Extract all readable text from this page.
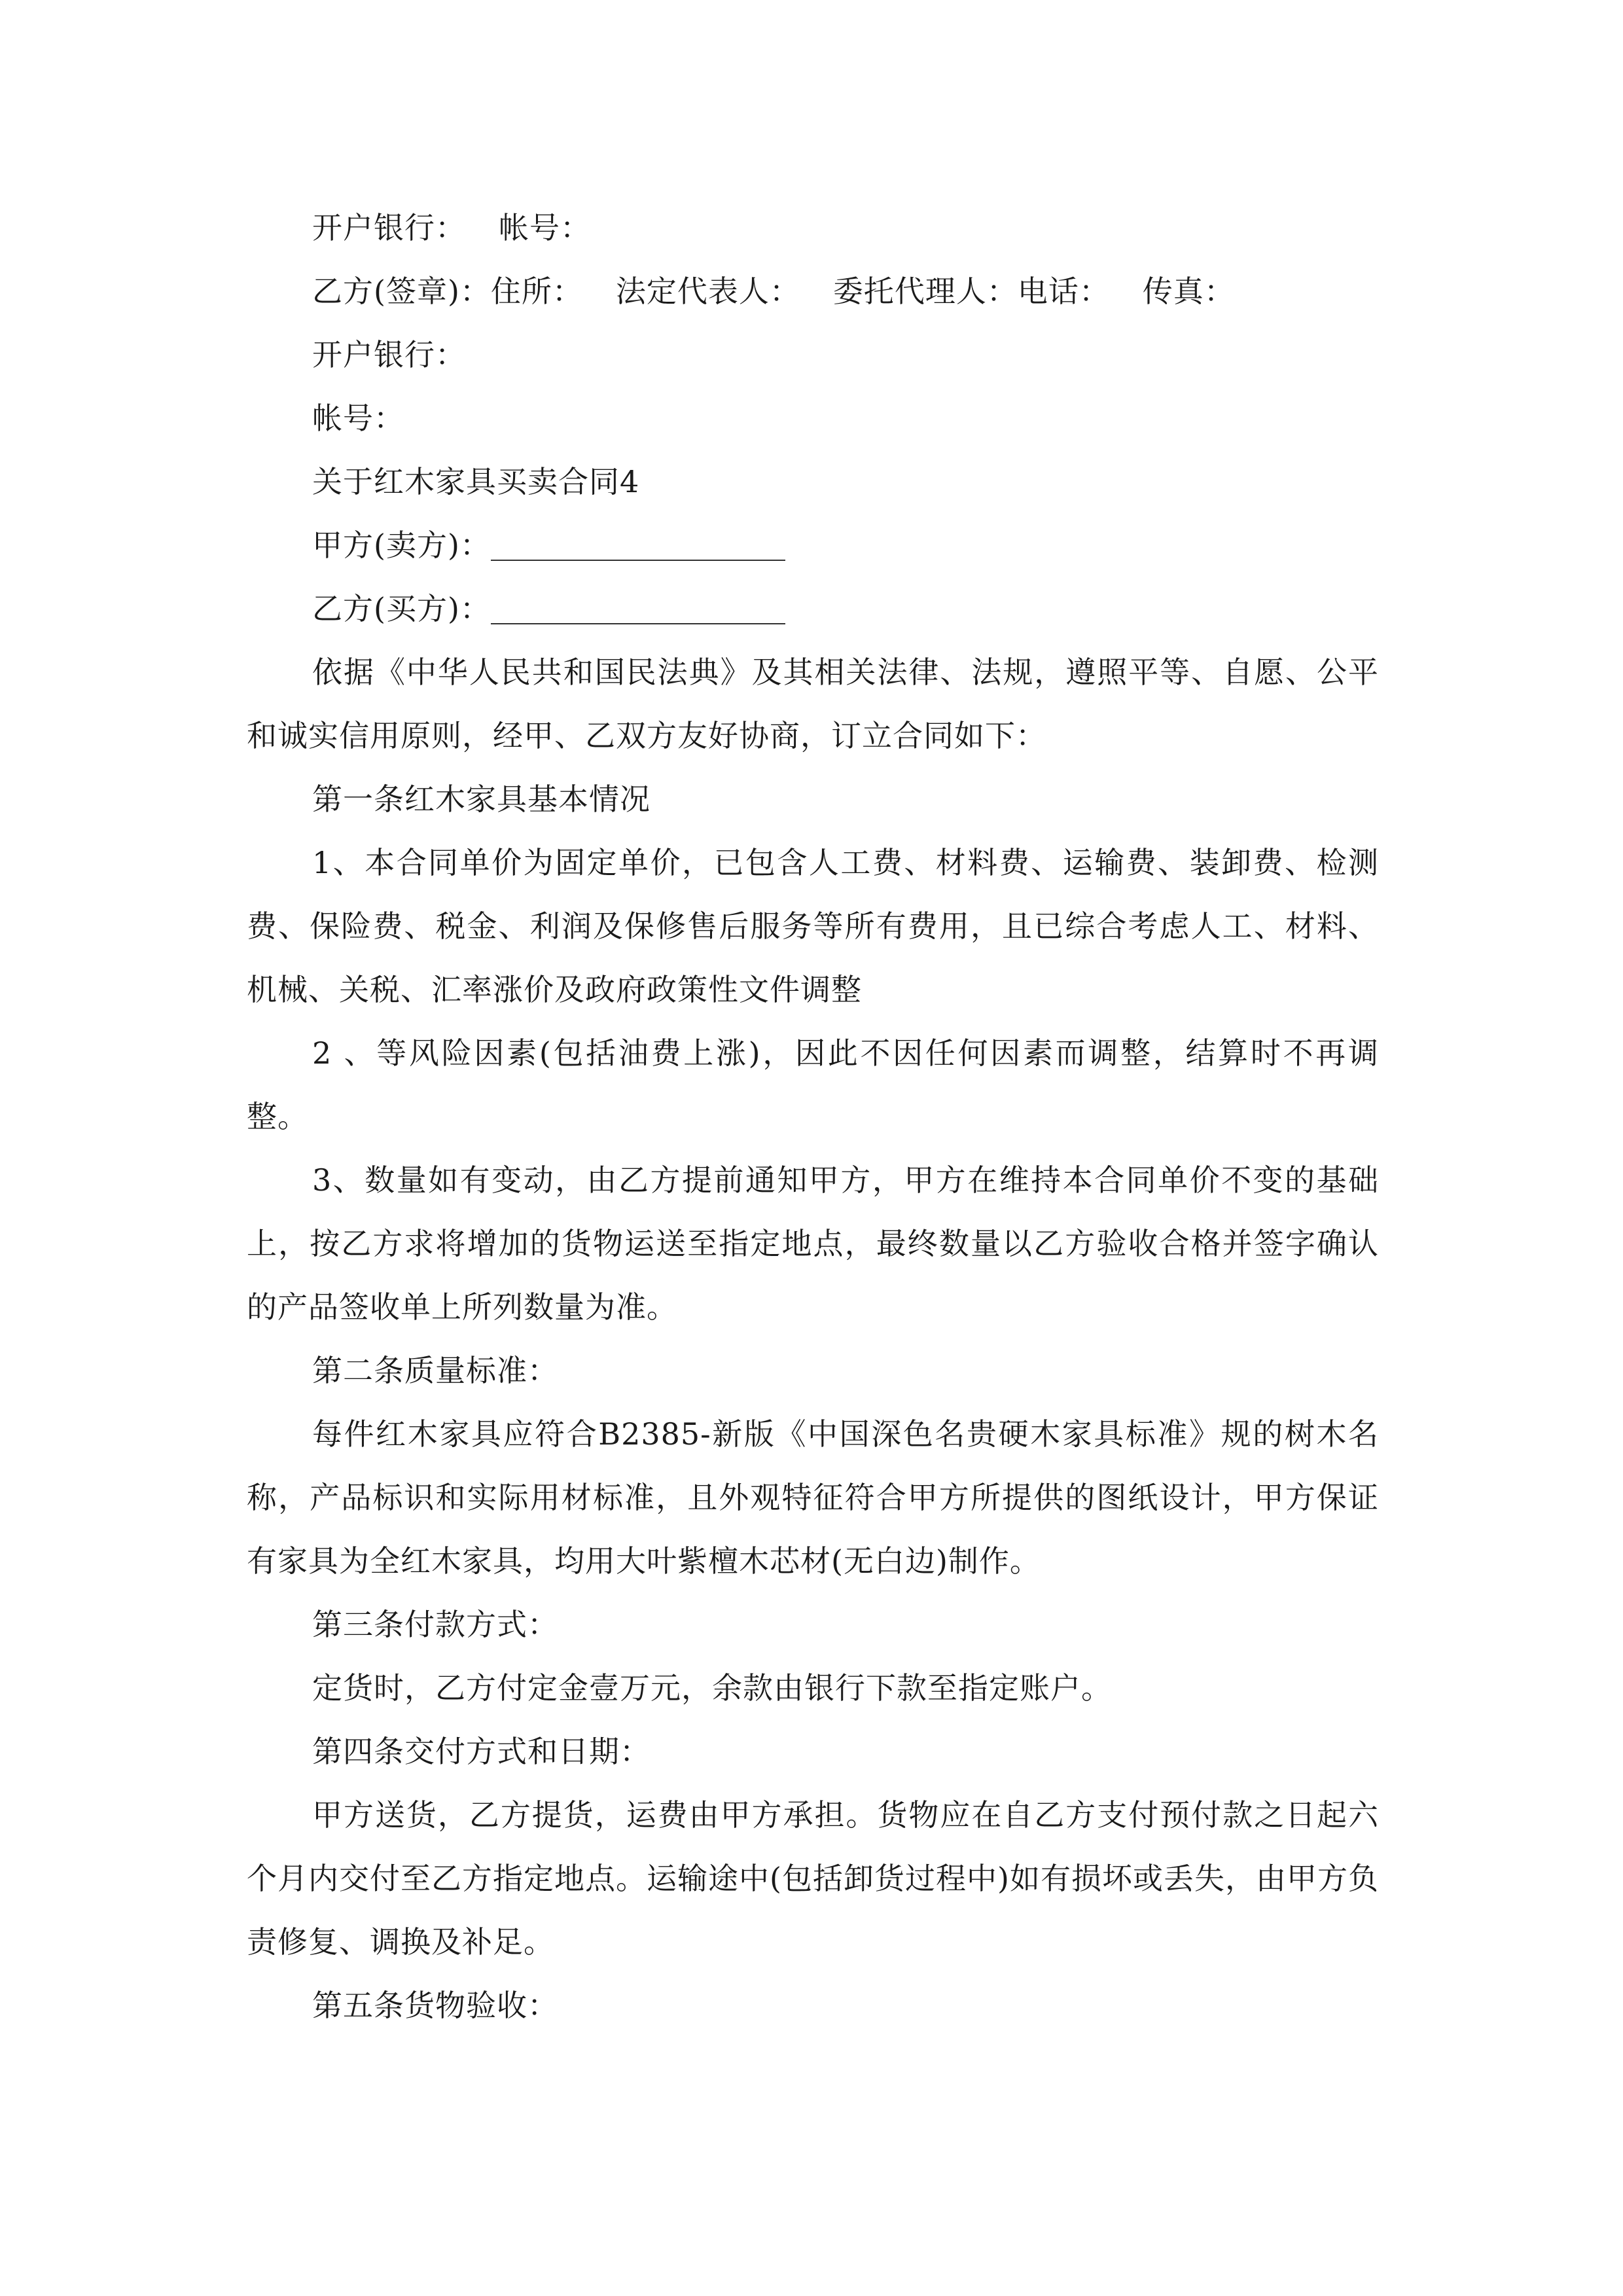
开户银行： 帐号：
乙方(签章)：住所： 法定代表人： 委托代理人：电话： 传真：
开户银行：
帐号：
关于红木家具买卖合同4
甲方(卖方)：
乙方(买方)：
依据《中华人民共和国民法典》及其相关法律、法规，遵照平等、自愿、公平和诚实信用原则，经甲、乙双方友好协商，订立合同如下：
第一条红木家具基本情况
1、本合同单价为固定单价，已包含人工费、材料费、运输费、装卸费、检测费、保险费、税金、利润及保修售后服务等所有费用，且已综合考虑人工、材料、机械、关税、汇率涨价及政府政策性文件调整
2 、等风险因素(包括油费上涨)，因此不因任何因素而调整，结算时不再调整。
3、数量如有变动，由乙方提前通知甲方，甲方在维持本合同单价不变的基础上，按乙方求将增加的货物运送至指定地点，最终数量以乙方验收合格并签字确认的产品签收单上所列数量为准。
第二条质量标准：
每件红木家具应符合B2385-新版《中国深色名贵硬木家具标准》规的树木名称，产品标识和实际用材标准，且外观特征符合甲方所提供的图纸设计，甲方保证有家具为全红木家具，均用大叶紫檀木芯材(无白边)制作。
第三条付款方式：
定货时，乙方付定金壹万元，余款由银行下款至指定账户。
第四条交付方式和日期：
甲方送货，乙方提货，运费由甲方承担。货物应在自乙方支付预付款之日起六个月内交付至乙方指定地点。运输途中(包括卸货过程中)如有损坏或丢失，由甲方负责修复、调换及补足。
第五条货物验收：
